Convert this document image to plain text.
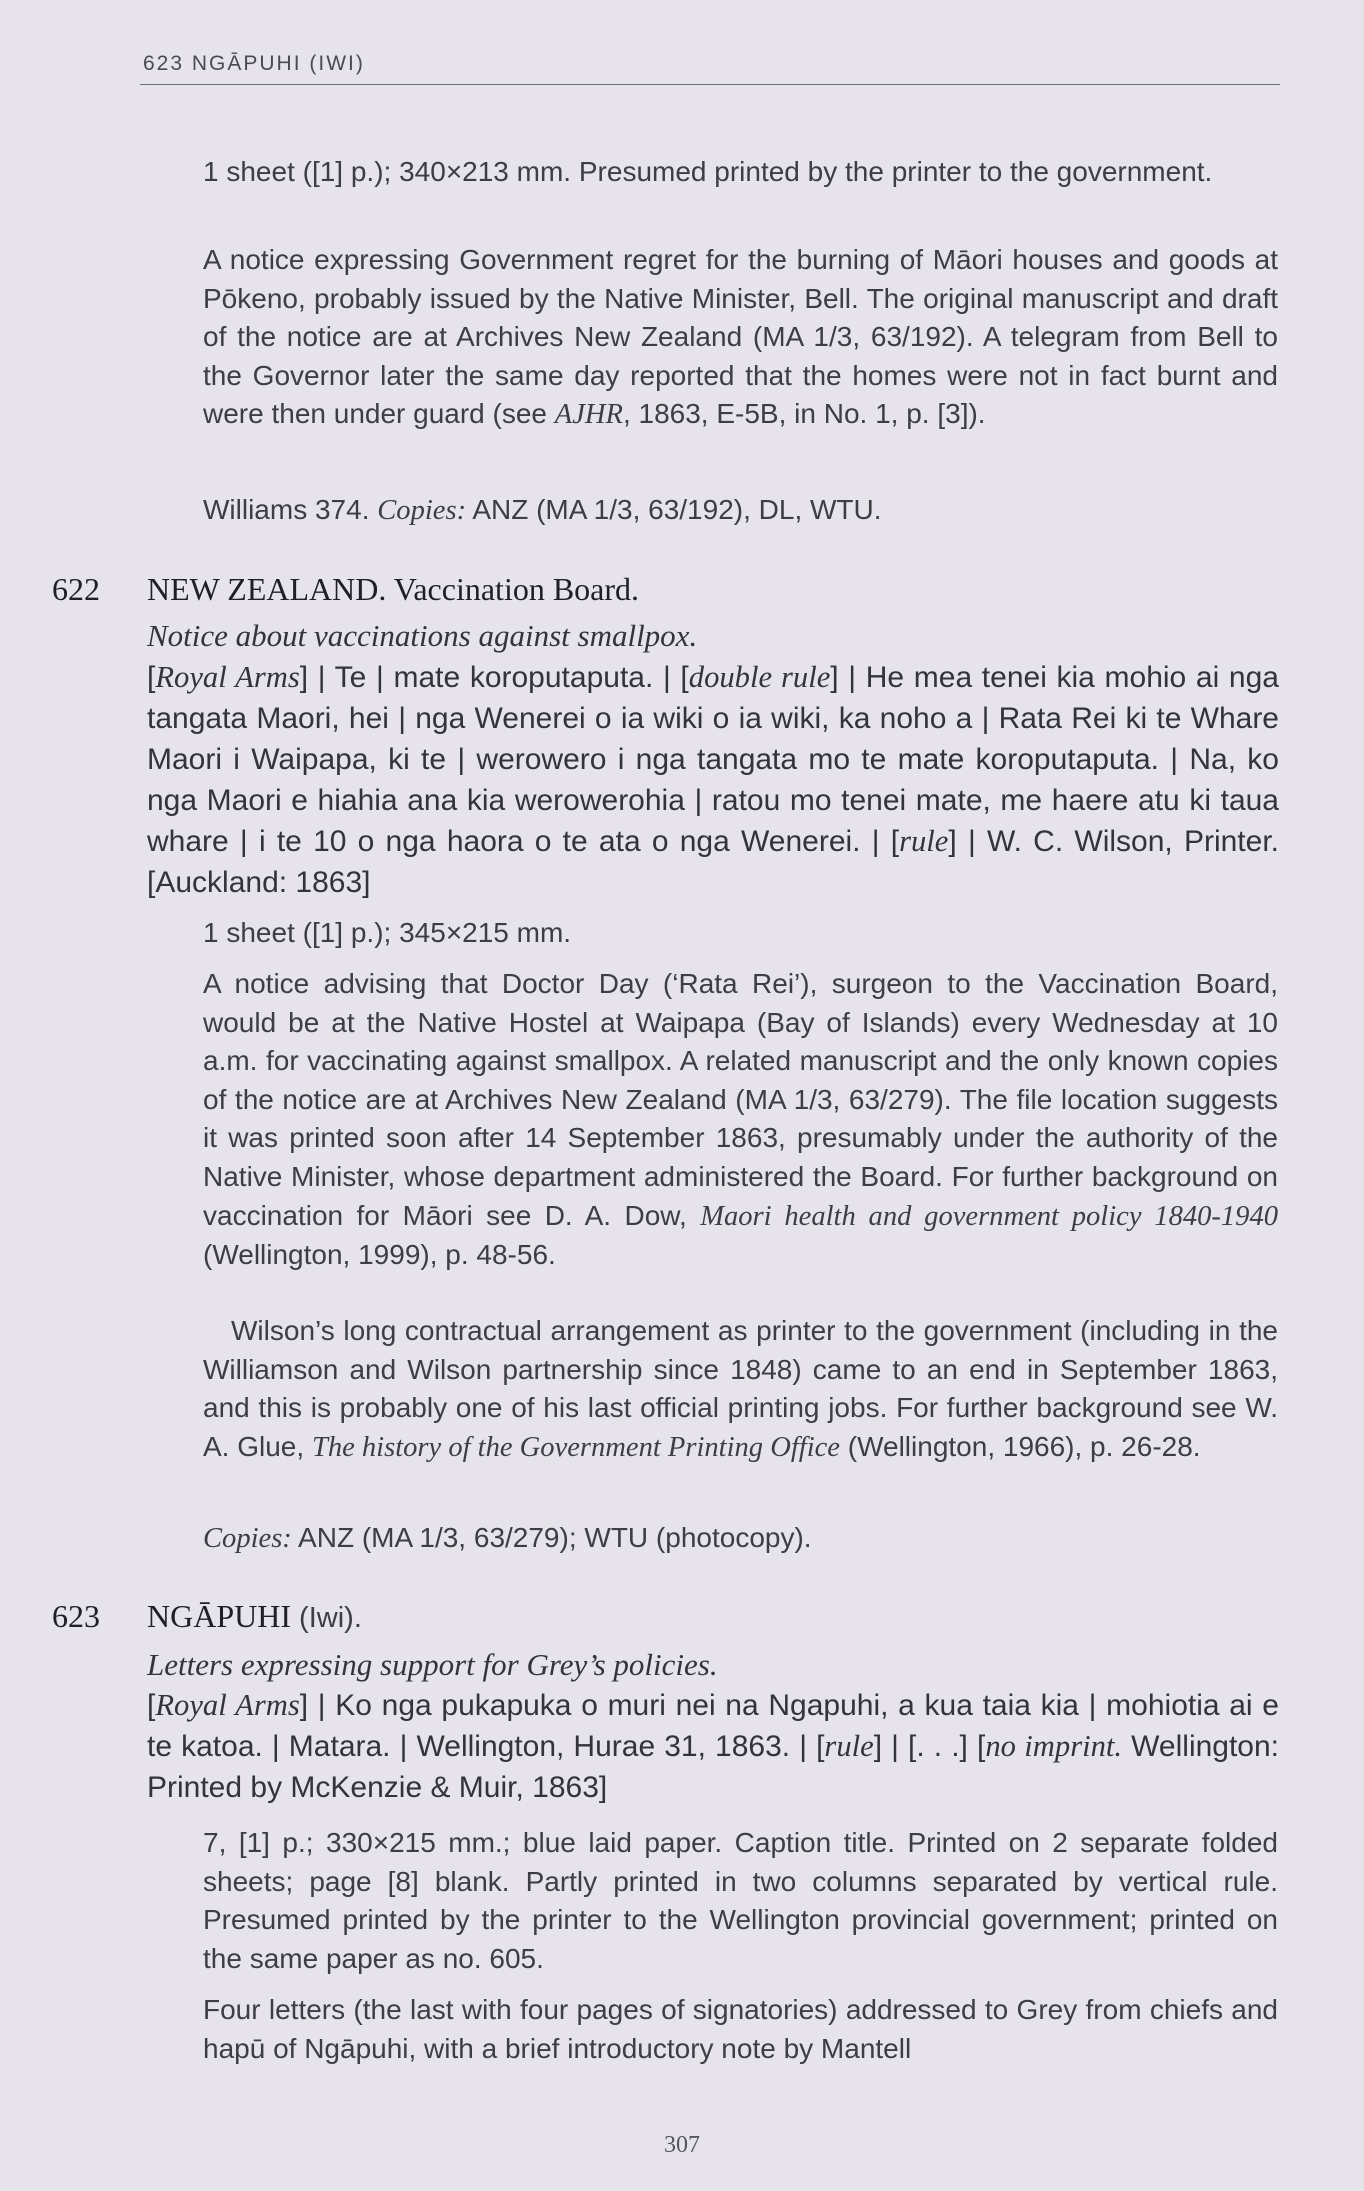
623 NGĀPUHI (IWI)

1 sheet ([1] p.); 340×213 mm. Presumed printed by the printer to the government.

A notice expressing Government regret for the burning of Māori houses and goods at Pōkeno, probably issued by the Native Minister, Bell. The original manuscript and draft of the notice are at Archives New Zealand (MA 1/3, 63/192). A telegram from Bell to the Governor later the same day reported that the homes were not in fact burnt and were then under guard (see AJHR, 1863, E-5B, in No. 1, p. [3]).

Williams 374. Copies: ANZ (MA 1/3, 63/192), DL, WTU.

622 NEW ZEALAND. Vaccination Board.

Notice about vaccinations against smallpox.

[Royal Arms] | Te | mate koroputaputa. | [double rule] | He mea tenei kia mohio ai nga tangata Maori, hei | nga Wenerei o ia wiki o ia wiki, ka noho a | Rata Rei ki te Whare Maori i Waipapa, ki te | werowero i nga tangata mo te mate koroputaputa. | Na, ko nga Maori e hiahia ana kia werowerohia | ratou mo tenei mate, me haere atu ki taua whare | i te 10 o nga haora o te ata o nga Wenerei. | [rule] | W. C. Wilson, Printer. [Auckland: 1863]

1 sheet ([1] p.); 345×215 mm.

A notice advising that Doctor Day (‘Rata Rei’), surgeon to the Vaccination Board, would be at the Native Hostel at Waipapa (Bay of Islands) every Wednesday at 10 a.m. for vaccinating against smallpox. A related manuscript and the only known copies of the notice are at Archives New Zealand (MA 1/3, 63/279). The file location suggests it was printed soon after 14 September 1863, presumably under the authority of the Native Minister, whose department administered the Board. For further background on vaccination for Māori see D. A. Dow, Maori health and government policy 1840-1940 (Wellington, 1999), p. 48-56.

Wilson’s long contractual arrangement as printer to the government (including in the Williamson and Wilson partnership since 1848) came to an end in September 1863, and this is probably one of his last official printing jobs. For further background see W. A. Glue, The history of the Government Printing Office (Wellington, 1966), p. 26-28.

Copies: ANZ (MA 1/3, 63/279); WTU (photocopy).

623 NGĀPUHI (Iwi).

Letters expressing support for Grey’s policies.

[Royal Arms] | Ko nga pukapuka o muri nei na Ngapuhi, a kua taia kia | mohiotia ai e te katoa. | Matara. | Wellington, Hurae 31, 1863. | [rule] | [. . .] [no imprint. Wellington: Printed by McKenzie & Muir, 1863]

7, [1] p.; 330×215 mm.; blue laid paper. Caption title. Printed on 2 separate folded sheets; page [8] blank. Partly printed in two columns separated by vertical rule. Presumed printed by the printer to the Wellington provincial government; printed on the same paper as no. 605.

Four letters (the last with four pages of signatories) addressed to Grey from chiefs and hapū of Ngāpuhi, with a brief introductory note by Mantell

307
